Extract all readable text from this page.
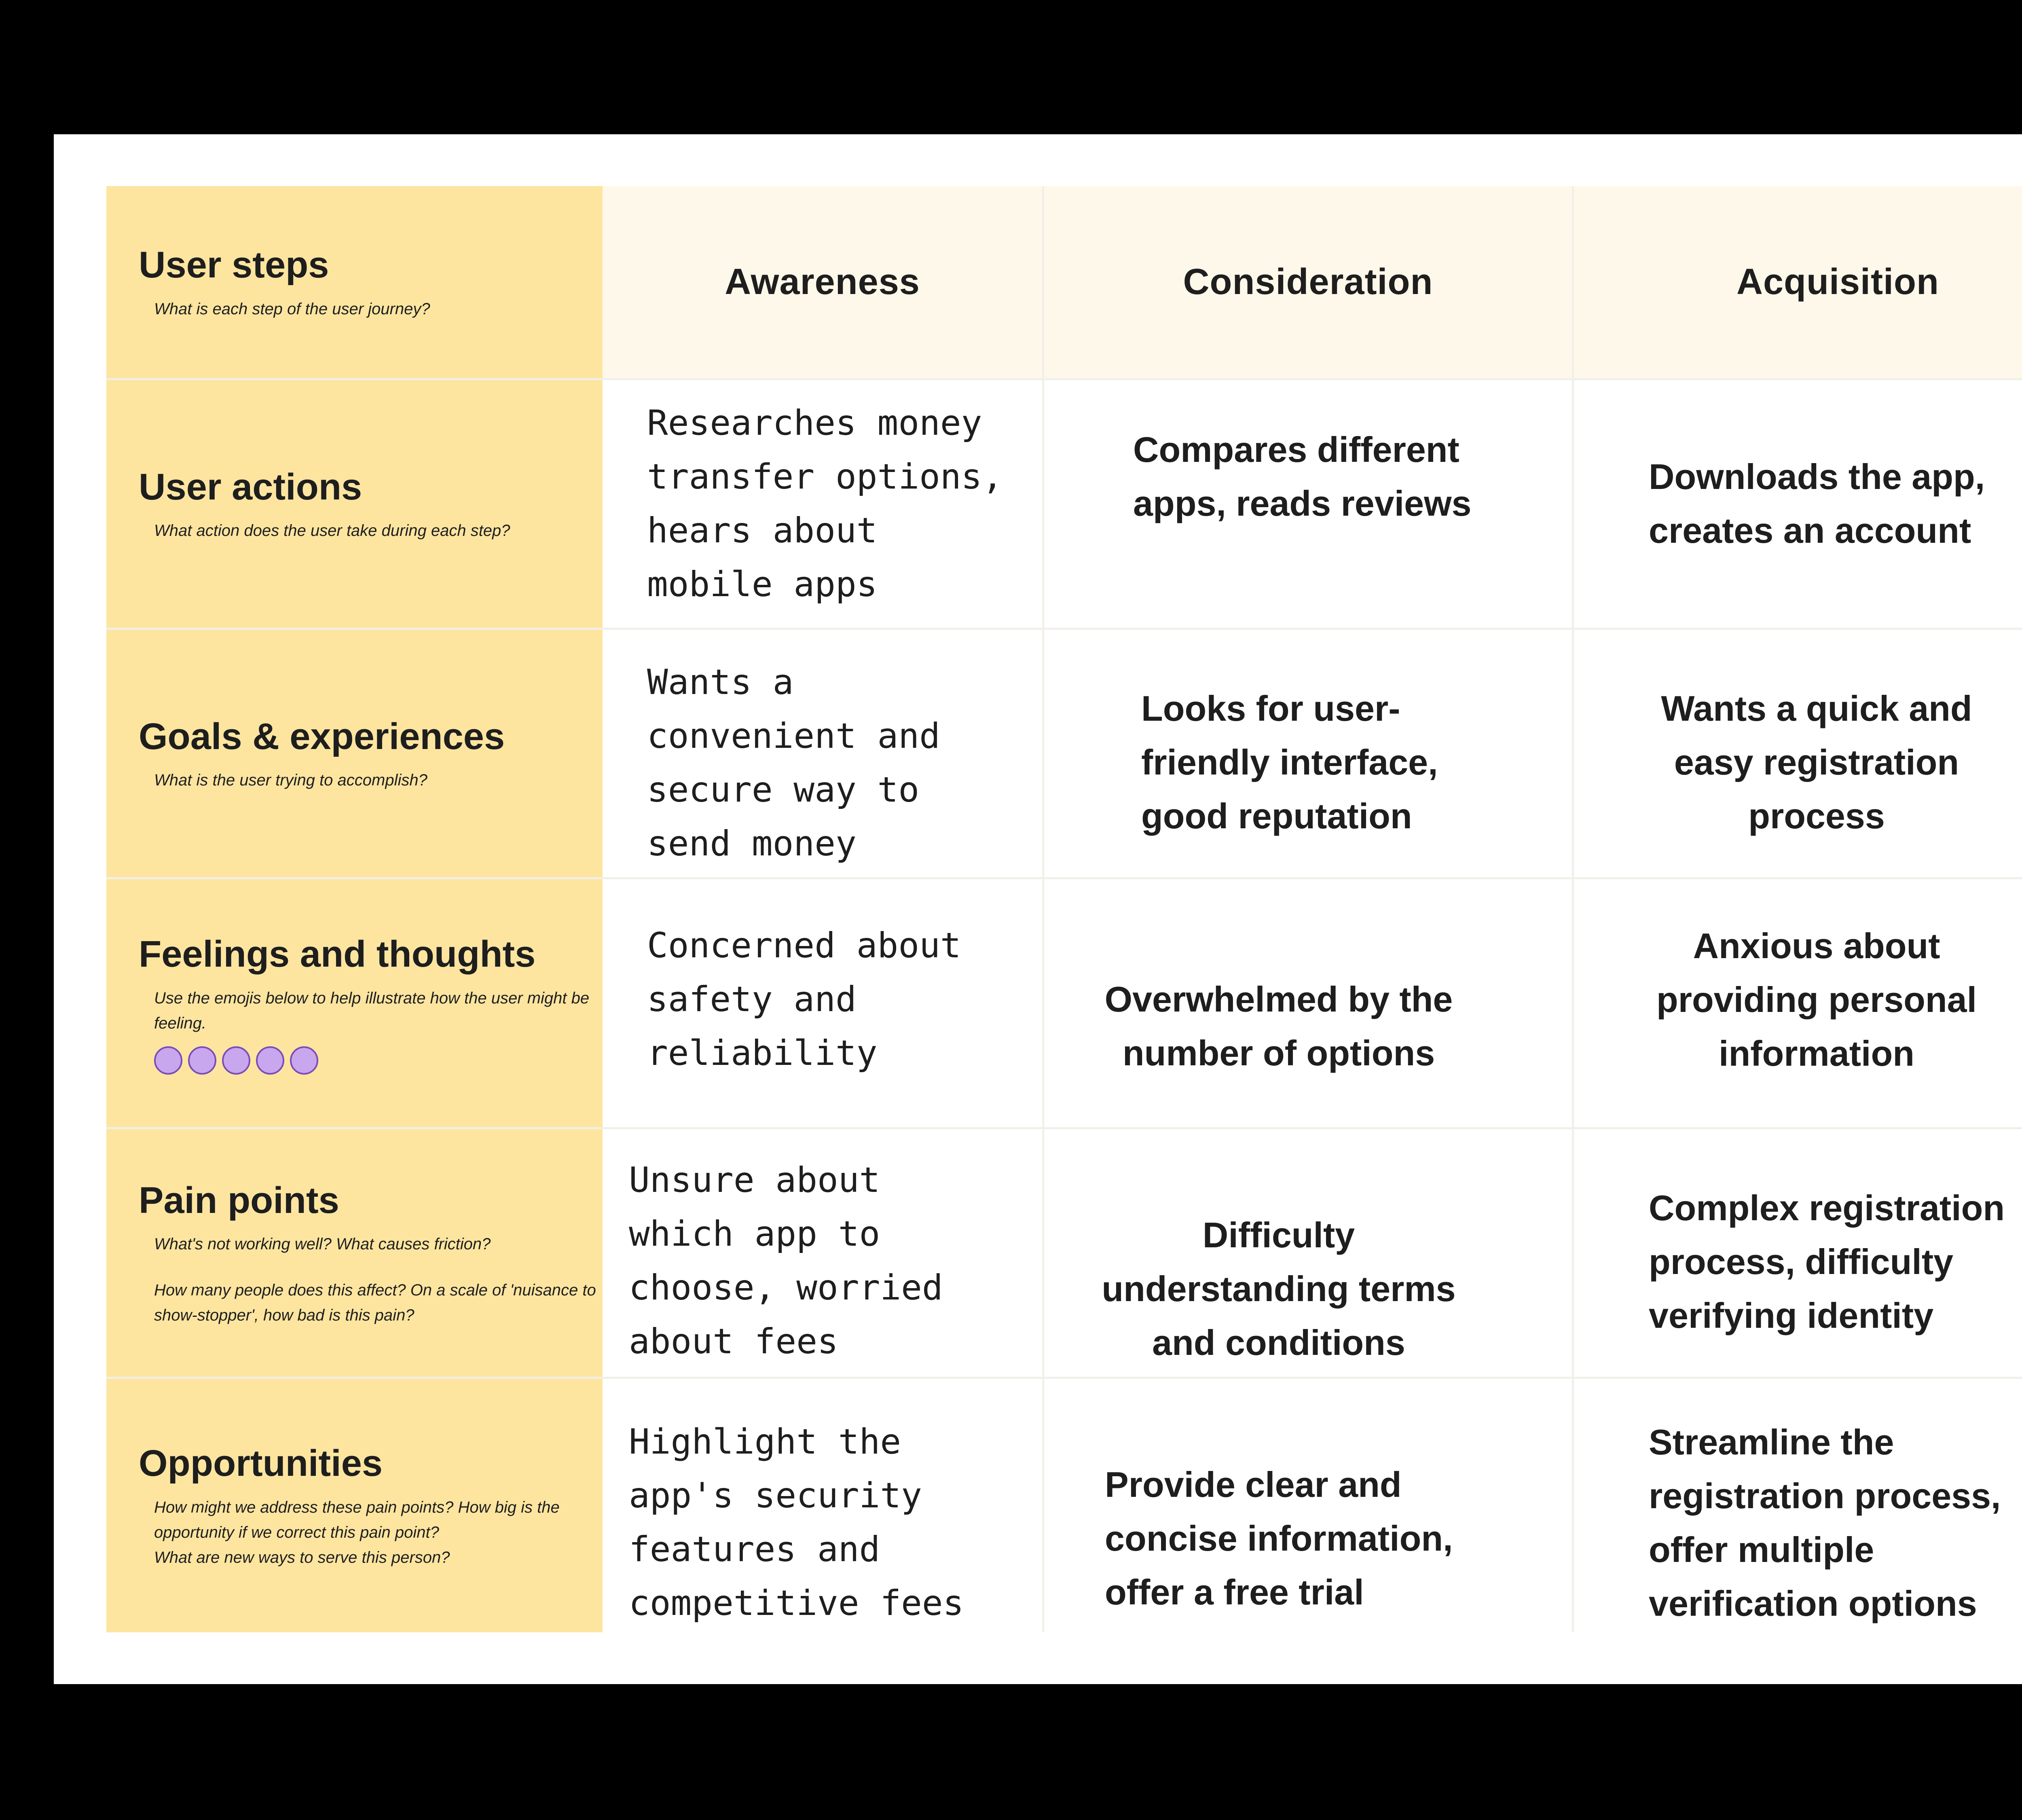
User steps

What is each step of the user journey?

Awareness	Consideration	Acquisition
User actions

What action does the user take during each step?

Researches money
transfer options,
hears about
mobile apps
Compares different
apps, reads reviews
Downloads the app,
creates an account
Goals & experiences

What is the user trying to accomplish?

Wants a
convenient and
secure way to
send money
Looks for user-
friendly interface,
good reputation
Wants a quick and
easy registration
process
Feelings and thoughts

Use the emojis below to help illustrate how the user might be feeling.

Concerned about
safety and
reliability
Overwhelmed by the
number of options
Anxious about
providing personal
information
Pain points

What's not working well? What causes friction?

How many people does this affect? On a scale of 'nuisance to show-stopper', how bad is this pain?

Unsure about
which app to
choose, worried
about fees
Difficulty
understanding terms
and conditions
Complex registration
process, difficulty
verifying identity
Opportunities

How might we address these pain points? How big is the opportunity if we correct this pain point?

What are new ways to serve this person?

Highlight the
app's security
features and
competitive fees
Provide clear and
concise information,
offer a free trial
Streamline the
registration process,
offer multiple
verification options
